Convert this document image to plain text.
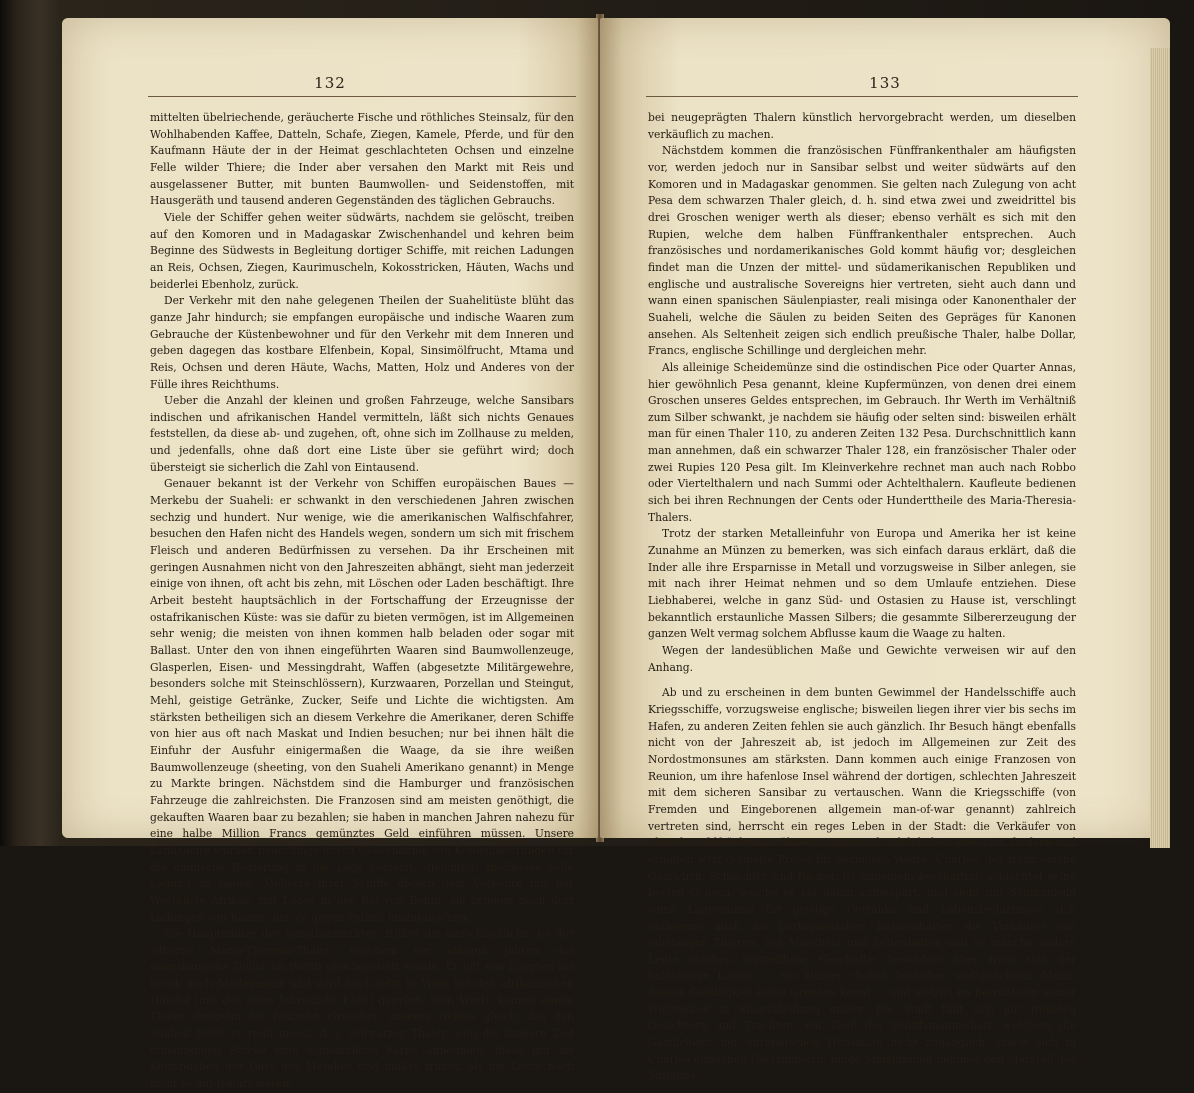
132

mittelten übelriechende, geräucherte Fische und röthliches Steinsalz, für den Wohlhabenden Kaffee, Datteln, Schafe, Ziegen, Kamele, Pferde, und für den Kaufmann Häute der in der Heimat geschlachteten Ochsen und einzelne Felle wilder Thiere; die Inder aber versahen den Markt mit Reis und ausgelassener Butter, mit bunten Baumwollen- und Seidenstoffen, mit Hausgeräth und tausend anderen Gegenständen des täglichen Gebrauchs.

Viele der Schiffer gehen weiter südwärts, nachdem sie gelöscht, treiben auf den Komoren und in Madagaskar Zwischenhandel und kehren beim Beginne des Südwests in Begleitung dortiger Schiffe, mit reichen Ladungen an Reis, Ochsen, Ziegen, Kaurimuscheln, Kokosstricken, Häuten, Wachs und beiderlei Ebenholz, zurück.

Der Verkehr mit den nahe gelegenen Theilen der Suahelitüste blüht das ganze Jahr hindurch; sie empfangen europäische und indische Waaren zum Gebrauche der Küstenbewohner und für den Verkehr mit dem Inneren und geben dagegen das kostbare Elfenbein, Kopal, Sinsimölfrucht, Mtama und Reis, Ochsen und deren Häute, Wachs, Matten, Holz und Anderes von der Fülle ihres Reichthums.

Ueber die Anzahl der kleinen und großen Fahrzeuge, welche Sansibars indischen und afrikanischen Handel vermitteln, läßt sich nichts Genaues feststellen, da diese ab- und zugehen, oft, ohne sich im Zollhause zu melden, und jedenfalls, ohne daß dort eine Liste über sie geführt wird; doch übersteigt sie sicherlich die Zahl von Eintausend.

Genauer bekannt ist der Verkehr von Schiffen europäischen Baues — Merkebu der Suaheli: er schwankt in den verschiedenen Jahren zwischen sechzig und hundert. Nur wenige, wie die amerikanischen Walfischfahrer, besuchen den Hafen nicht des Handels wegen, sondern um sich mit frischem Fleisch und anderen Bedürfnissen zu versehen. Da ihr Erscheinen mit geringen Ausnahmen nicht von den Jahreszeiten abhängt, sieht man jederzeit einige von ihnen, oft acht bis zehn, mit Löschen oder Laden beschäftigt. Ihre Arbeit besteht hauptsächlich in der Fortschaffung der Erzeugnisse der ostafrikanischen Küste: was sie dafür zu bieten vermögen, ist im Allgemeinen sehr wenig; die meisten von ihnen kommen halb beladen oder sogar mit Ballast. Unter den von ihnen eingeführten Waaren sind Baumwollenzeuge, Glasperlen, Eisen- und Messingdraht, Waffen (abgesetzte Militärgewehre, besonders solche mit Steinschlössern), Kurzwaaren, Porzellan und Steingut, Mehl, geistige Getränke, Zucker, Seife und Lichte die wichtigsten. Am stärksten betheiligen sich an diesem Verkehre die Amerikaner, deren Schiffe von hier aus oft nach Maskat und Indien besuchen; nur bei ihnen hält die Einfuhr der Ausfuhr einigermaßen die Waage, da sie ihre weißen Baumwollenzeuge (sheeting, von den Suaheli Amerikano genannt) in Menge zu Markte bringen. Nächstdem sind die Hamburger und französischen Fahrzeuge die zahlreichsten. Die Franzosen sind am meisten genöthigt, die gekauften Waaren baar zu bezahlen; sie haben in manchen Jahren nahezu für eine halbe Million Francs gemünztes Geld einführen müssen. Unsere Landsleute wurden neuerdings durch Uebernahme von Kohlenlieferungen für die englische Regierung in die Lage versetzt, gleichfalls theilweise volle Ladung zu haben. Mehrere ihrer Schiffe dienen dem Verkehre mit der Westküste Afrikas, mit Lagos in der Bai von Benin; sie bringen nach dort Ladungen von Kauris, um sie gegen Palmöl umzutauschen.

Die Hauptmünze des Sansibarmarktes, früher die ausschließliche, ist der silberne Maria-Theresia-Thaler, welchem vor einigen Jahren der amerikanische Dollar an Werth gleichgestellt wurde. Er gilt von Egypten bis herab nach Madagaskar und wird noch jetzt in Wien für den afrikanischen Handel (mit der alten Jahreszahl 1780) geprägt. Sein Werth kommt einem Thaler dreizehn bis fünfzehn Groschen unseres Geldes gleich. Bei den Suaheli heißt er reali mcosi, d. i. schwarzer Thaler, weil die längere Zeit umlaufenden Stücke eine schwärzliche Farbe annehmen; diese gilt als Kennzeichen der Güte des Metalles und mußte früher, als die Leute noch nicht so aufgeklärt waren,

133

bei neugeprägten Thalern künstlich hervorgebracht werden, um dieselben verkäuflich zu machen.

Nächstdem kommen die französischen Fünffrankenthaler am häufigsten vor, werden jedoch nur in Sansibar selbst und weiter südwärts auf den Komoren und in Madagaskar genommen. Sie gelten nach Zulegung von acht Pesa dem schwarzen Thaler gleich, d. h. sind etwa zwei und zweidrittel bis drei Groschen weniger werth als dieser; ebenso verhält es sich mit den Rupien, welche dem halben Fünffrankenthaler entsprechen. Auch französisches und nordamerikanisches Gold kommt häufig vor; desgleichen findet man die Unzen der mittel- und südamerikanischen Republiken und englische und australische Sovereigns hier vertreten, sieht auch dann und wann einen spanischen Säulenpiaster, reali misinga oder Kanonenthaler der Suaheli, welche die Säulen zu beiden Seiten des Gepräges für Kanonen ansehen. Als Seltenheit zeigen sich endlich preußische Thaler, halbe Dollar, Francs, englische Schillinge und dergleichen mehr.

Als alleinige Scheidemünze sind die ostindischen Pice oder Quarter Annas, hier gewöhnlich Pesa genannt, kleine Kupfermünzen, von denen drei einem Groschen unseres Geldes entsprechen, im Gebrauch. Ihr Werth im Verhältniß zum Silber schwankt, je nachdem sie häufig oder selten sind: bisweilen erhält man für einen Thaler 110, zu anderen Zeiten 132 Pesa. Durchschnittlich kann man annehmen, daß ein schwarzer Thaler 128, ein französischer Thaler oder zwei Rupies 120 Pesa gilt. Im Kleinverkehre rechnet man auch nach Robbo oder Viertelthalern und nach Summi oder Achtelthalern. Kaufleute bedienen sich bei ihren Rechnungen der Cents oder Hunderttheile des Maria-Theresia-Thalers.

Trotz der starken Metalleinfuhr von Europa und Amerika her ist keine Zunahme an Münzen zu bemerken, was sich einfach daraus erklärt, daß die Inder alle ihre Ersparnisse in Metall und vorzugsweise in Silber anlegen, sie mit nach ihrer Heimat nehmen und so dem Umlaufe entziehen. Diese Liebhaberei, welche in ganz Süd- und Ostasien zu Hause ist, verschlingt bekanntlich erstaunliche Massen Silbers; die gesammte Silbererzeugung der ganzen Welt vermag solchem Abflusse kaum die Waage zu halten.

Wegen der landesüblichen Maße und Gewichte verweisen wir auf den Anhang.

Ab und zu erscheinen in dem bunten Gewimmel der Handelsschiffe auch Kriegsschiffe, vorzugsweise englische; bisweilen liegen ihrer vier bis sechs im Hafen, zu anderen Zeiten fehlen sie auch gänzlich. Ihr Besuch hängt ebenfalls nicht von der Jahreszeit ab, ist jedoch im Allgemeinen zur Zeit des Nordostmonsunes am stärksten. Dann kommen auch einige Franzosen von Reunion, um ihre hafenlose Insel während der dortigen, schlechten Jahreszeit mit dem sicheren Sansibar zu vertauschen. Wann die Kriegsschiffe (von Fremden und Eingeborenen allgemein man-of-war genannt) zahlreich vertreten sind, herrscht ein reges Leben in der Stadt: die Verkäufer von Fleisch, Feldfrüchten, Hühnern, Eiern und Milch haben gute Zeit, fordern und erhalten jetzt doppelte Preise für geringere Waare; Charles, der französische Gastwirth, Schlächter und Bäcker, ist ungemein beschäftigt, schlachtet seine besten Ochsen, welche er bis dahin aufgespart, und sieht mit Schmunzeln seine Lagerräume für geistige Getränke und Lebensbedürfnisse sich entleeren; auch die portugiesischen Butikenhalter, die Verkäufer von lebendigen Thieren, von Muscheln und Seltenheiten und so manche andere Leute machen vortreffliche Geschäfte; besonders aber freut sich der halbblütige Lootse — ein kleiner, dicker, lebhafter, vielsprachiger Mann, dessen Gefälligkeit keine Grenzen kennt — und stolzirt im Bewußtsein seiner Wichtigkeit in Staatskleidung umher. Die Stadt füllt sich mit fremden Gesichtern und Trachten; ein Theil der Schiffsmannschaft, welchem die Gastlichkeit der europäischen Haushalte nicht zugänglich, erholt sich in Charles einfachen Gastzimmern; junge Midshipmen nehmen den Marstall des Sultahns
